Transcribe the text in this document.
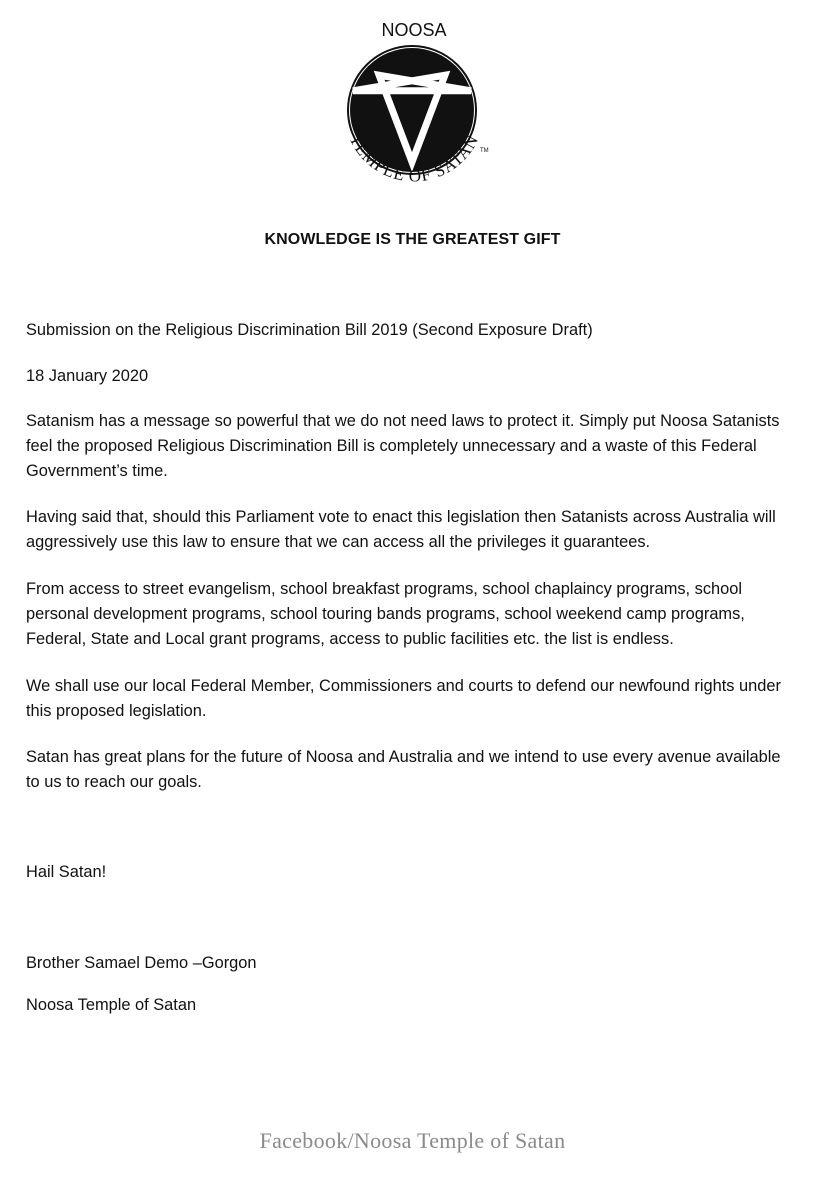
NOOSA
TEMPLE OF SATAN
TM
KNOWLEDGE IS THE GREATEST GIFT

Submission on the Religious Discrimination Bill 2019 (Second Exposure Draft)

18 January 2020

Satanism has a message so powerful that we do not need laws to protect it. Simply put Noosa Satanists feel the proposed Religious Discrimination Bill is completely unnecessary and a waste of this Federal Government’s time.

Having said that, should this Parliament vote to enact this legislation then Satanists across Australia will aggressively use this law to ensure that we can access all the privileges it guarantees.

From access to street evangelism, school breakfast programs, school chaplaincy programs, school personal development programs, school touring bands programs, school weekend camp programs, Federal, State and Local grant programs, access to public facilities etc. the list is endless.

We shall use our local Federal Member, Commissioners and courts to defend our newfound rights under this proposed legislation.

Satan has great plans for the future of Noosa and Australia and we intend to use every avenue available to us to reach our goals.

Hail Satan!

Brother Samael Demo –Gorgon

Noosa Temple of Satan

Facebook/Noosa Temple of Satan
